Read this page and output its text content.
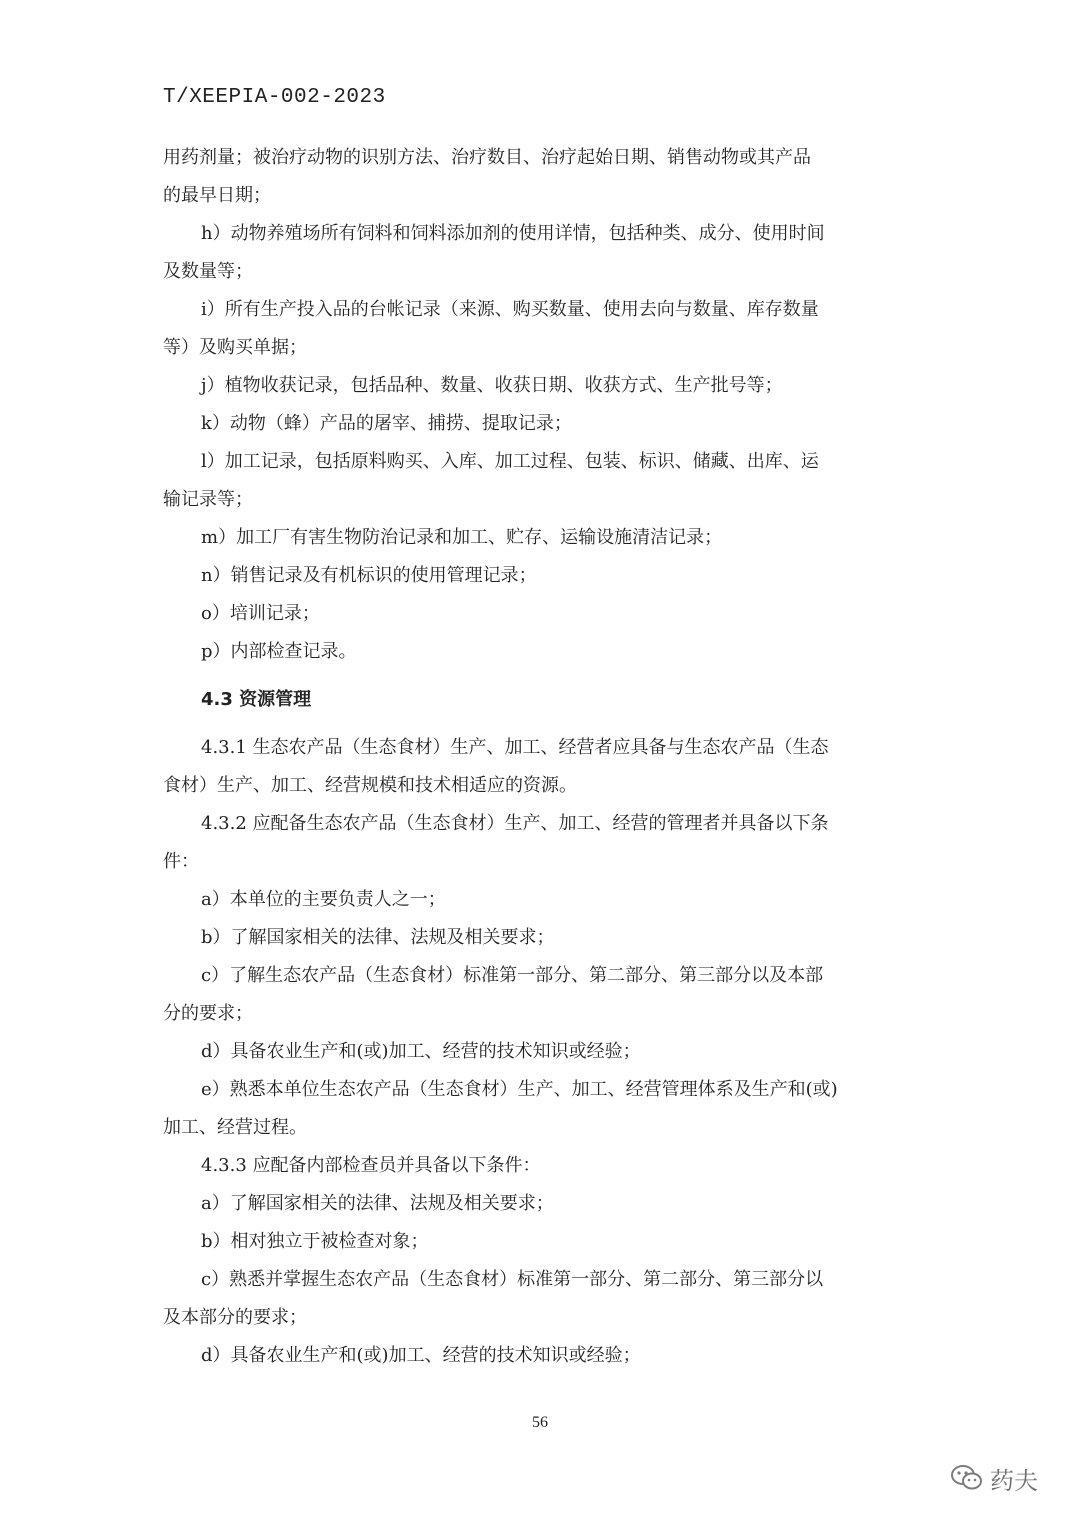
T/XEEPIA-002-2023
用药剂量；被治疗动物的识别方法、治疗数目、治疗起始日期、销售动物或其产品
的最早日期；
h）动物养殖场所有饲料和饲料添加剂的使用详情，包括种类、成分、使用时间
及数量等；
i）所有生产投入品的台帐记录（来源、购买数量、使用去向与数量、库存数量
等）及购买单据；
j）植物收获记录，包括品种、数量、收获日期、收获方式、生产批号等；
k）动物（蜂）产品的屠宰、捕捞、提取记录；
l）加工记录，包括原料购买、入库、加工过程、包装、标识、储藏、出库、运
输记录等；
m）加工厂有害生物防治记录和加工、贮存、运输设施清洁记录；
n）销售记录及有机标识的使用管理记录；
o）培训记录；
p）内部检查记录。
4.3 资源管理
4.3.1 生态农产品（生态食材）生产、加工、经营者应具备与生态农产品（生态
食材）生产、加工、经营规模和技术相适应的资源。
4.3.2 应配备生态农产品（生态食材）生产、加工、经营的管理者并具备以下条
件：
a）本单位的主要负责人之一；
b）了解国家相关的法律、法规及相关要求；
c）了解生态农产品（生态食材）标准第一部分、第二部分、第三部分以及本部
分的要求；
d）具备农业生产和(或)加工、经营的技术知识或经验；
e）熟悉本单位生态农产品（生态食材）生产、加工、经营管理体系及生产和(或)
加工、经营过程。
4.3.3 应配备内部检查员并具备以下条件：
a）了解国家相关的法律、法规及相关要求；
b）相对独立于被检查对象；
c）熟悉并掌握生态农产品（生态食材）标准第一部分、第二部分、第三部分以
及本部分的要求；
d）具备农业生产和(或)加工、经营的技术知识或经验；
56
药夫
